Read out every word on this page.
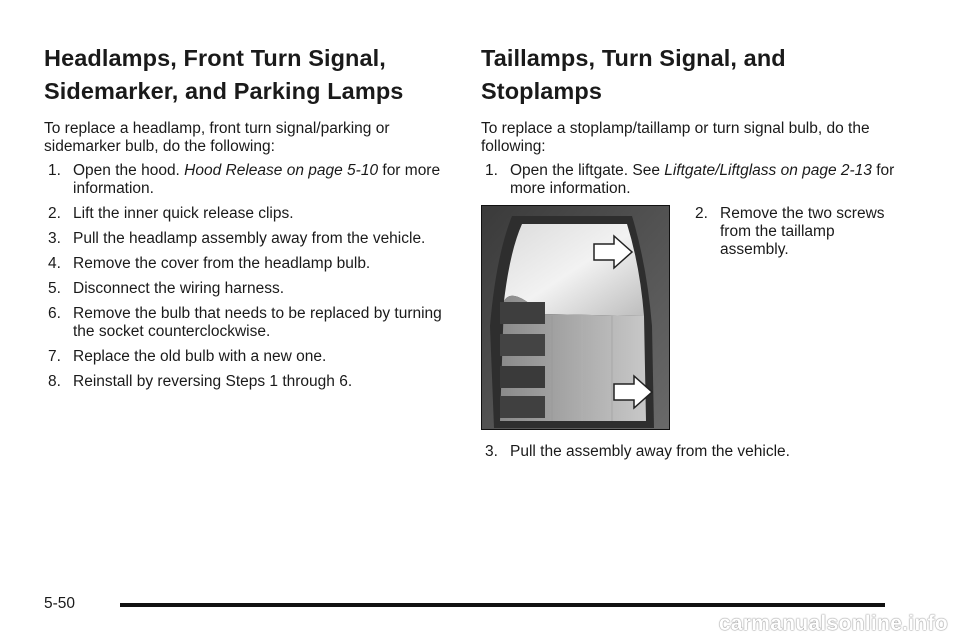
Headlamps, Front Turn Signal,
Sidemarker, and Parking Lamps

To replace a headlamp, front turn signal/parking or sidemarker bulb, do the following:

1. Open the hood. Hood Release on page 5-10 for more information.
2. Lift the inner quick release clips.
3. Pull the headlamp assembly away from the vehicle.
4. Remove the cover from the headlamp bulb.
5. Disconnect the wiring harness.
6. Remove the bulb that needs to be replaced by turning the socket counterclockwise.
7. Replace the old bulb with a new one.
8. Reinstall by reversing Steps 1 through 6.
Taillamps, Turn Signal, and
Stoplamps

To replace a stoplamp/taillamp or turn signal bulb, do the following:

1. Open the liftgate. See Liftgate/Liftglass on page 2-13 for more information.
2. Remove the two screws from the taillamp assembly.
3. Pull the assembly away from the vehicle.
5-50
carmanualsonline.info
